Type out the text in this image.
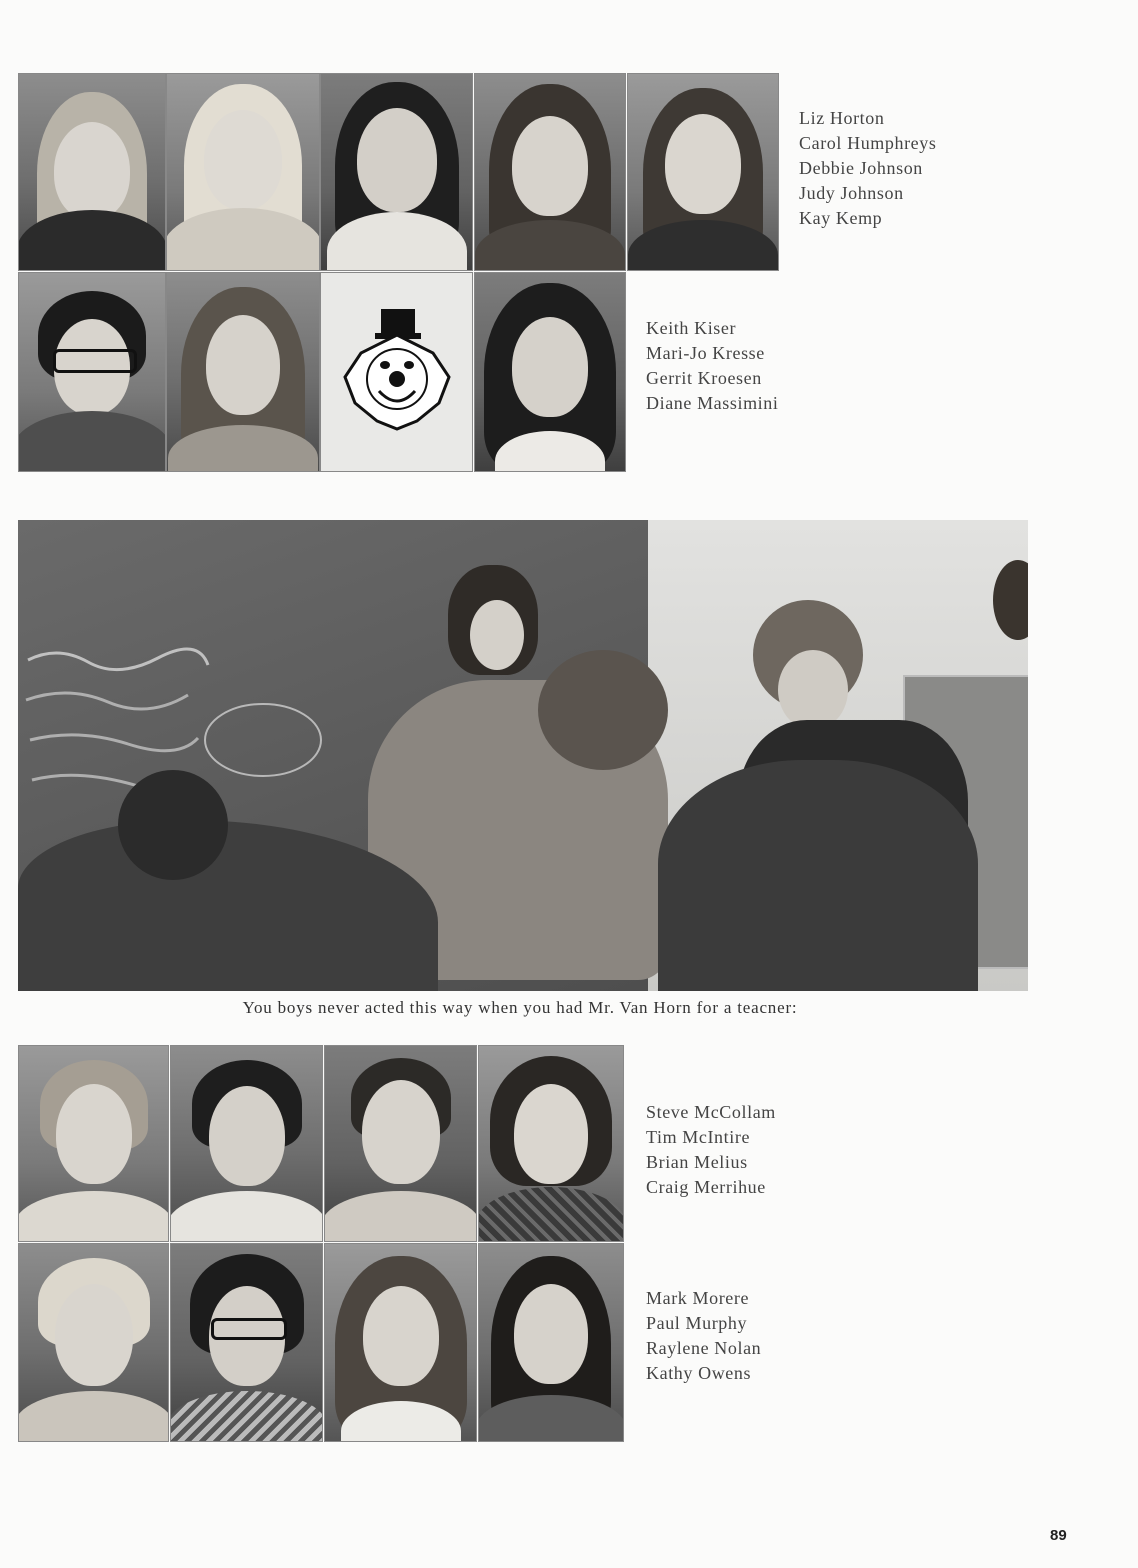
Liz Horton
Carol Humphreys
Debbie Johnson
Judy Johnson
Kay Kemp
Keith Kiser
Mari-Jo Kresse
Gerrit Kroesen
Diane Massimini
You boys never acted this way when you had Mr. Van Horn for a teacner:
Steve McCollam
Tim McIntire
Brian Melius
Craig Merrihue
Mark Morere
Paul Murphy
Raylene Nolan
Kathy Owens
89
